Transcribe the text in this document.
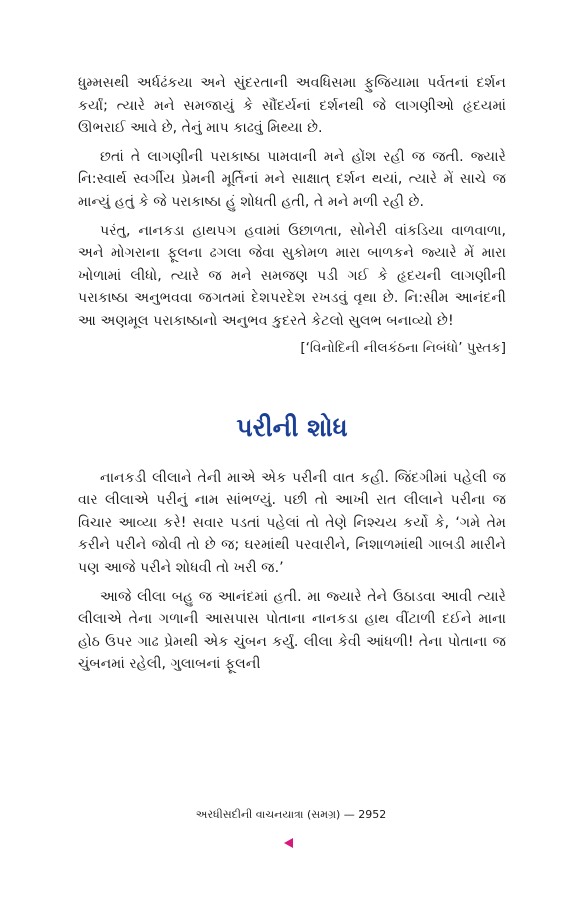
ધુમ્મસથી અર્ધઢંકયા અને સુંદરતાની અવધિસમા ફુજિયામા પર્વતનાં દર્શન કર્યાં; ત્યારે મને સમજાયું કે સૌંદર્યનાં દર્શનથી જે લાગણીઓ હૃદયમાં ઊભરાઈ આવે છે, તેનું માપ કાઢવું મિથ્યા છે.

છતાં તે લાગણીની પરાકાષ્ઠા પામવાની મને હોંશ રહી જ જતી. જ્યારે નિ:સ્વાર્થ સ્વર્ગીય પ્રેમની મૂર્તિનાં મને સાક્ષાત્ દર્શન થયાં, ત્યારે મેં સાચે જ માન્યું હતું કે જે પરાકાષ્ઠા હું શોધતી હતી, તે મને મળી રહી છે.

પરંતુ, નાનકડા હાથપગ હવામાં ઉછાળતા, સોનેરી વાંકડિયા વાળવાળા, અને મોગરાના ફૂલના ઢગલા જેવા સુકોમળ મારા બાળકને જ્યારે મેં મારા ખોળામાં લીધો, ત્યારે જ મને સમજણ પડી ગઈ કે હૃદયની લાગણીની પરાકાષ્ઠા અનુભવવા જગતમાં દેશપરદેશ રખડવું વૃથા છે. નિ:સીમ આનંદની આ અણમૂલ પરાકાષ્ઠાનો અનુભવ કુદરતે કેટલો સુલભ બનાવ્યો છે!

[‘વિનોદિની નીલકંઠના નિબંધો’ પુસ્તક]
પરીની શોધ

નાનકડી લીલાને તેની માએ એક પરીની વાત કહી. જિંદગીમાં પહેલી જ વાર લીલાએ પરીનું નામ સાંભળ્યું. પછી તો આખી રાત લીલાને પરીના જ વિચાર આવ્યા કરે! સવાર પડતાં પહેલાં તો તેણે નિશ્ચય કર્યો કે, ‘ગમે તેમ કરીને પરીને જોવી તો છે જ; ઘરમાંથી પરવારીને, નિશાળમાંથી ગાબડી મારીને પણ આજે પરીને શોધવી તો ખરી જ.’

આજે લીલા બહુ જ આનંદમાં હતી. મા જ્યારે તેને ઉઠાડવા આવી ત્યારે લીલાએ તેના ગળાની આસપાસ પોતાના નાનકડા હાથ વીંટાળી દઈને માના હોઠ ઉપર ગાઢ પ્રેમથી એક ચુંબન કર્યું. લીલા કેવી આંધળી! તેના પોતાના જ ચુંબનમાં રહેલી, ગુલાબનાં ફૂલની

અરધીસદીની વાચનયાત્રા (સમગ્ર) — 2952
